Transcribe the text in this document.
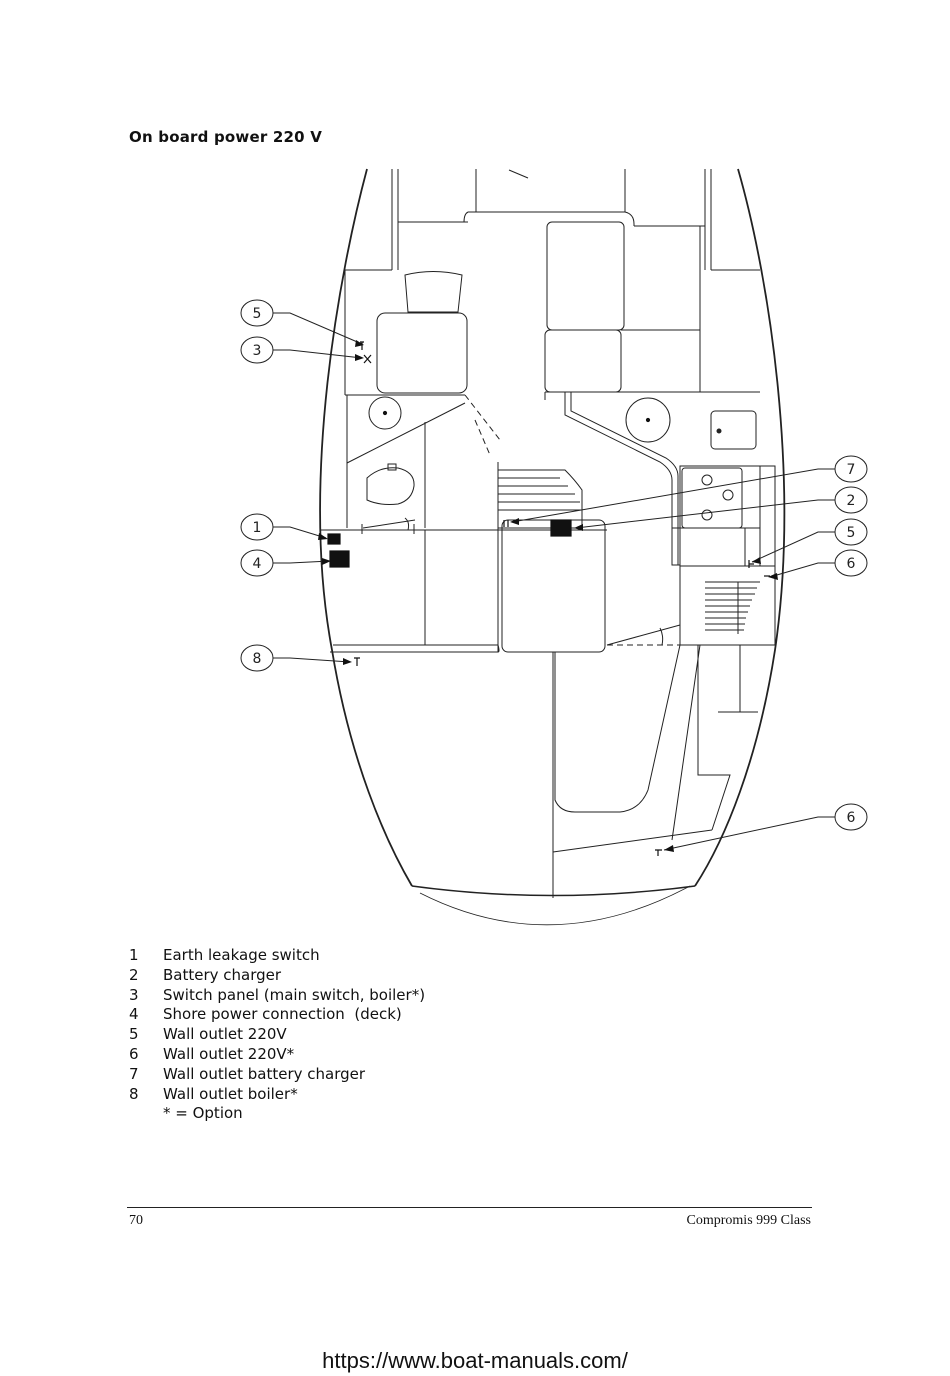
On board power 220 V
5
3
1
4
8
7
2
5
6
6
1	Earth leakage switch
2	Battery charger
3	Switch panel (main switch, boiler*)
4	Shore power connection  (deck)
5	Wall outlet 220V
6	Wall outlet 220V*
7	Wall outlet battery charger
8	Wall outlet boiler*
* = Option
70	Compromis 999 Class
https://www.boat-manuals.com/
